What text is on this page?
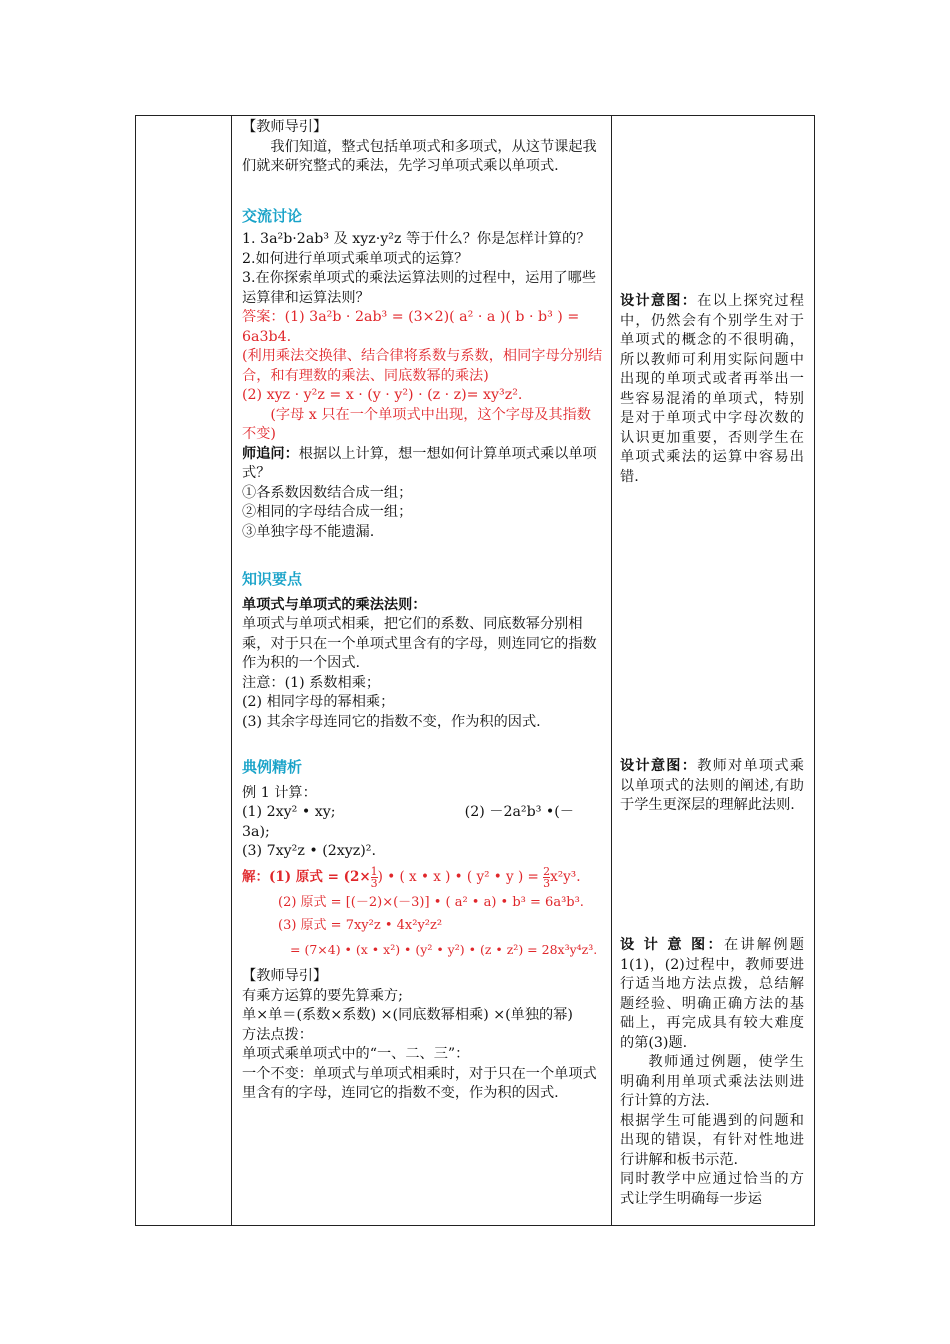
【教师导引】

我们知道，整式包括单项式和多项式，从这节课起我们就来研究整式的乘法，先学习单项式乘以单项式.

交流讨论

1. 3a²b·2ab³ 及 xyz·y²z 等于什么？你是怎样计算的？

2.如何进行单项式乘单项式的运算？

3.在你探索单项式的乘法运算法则的过程中，运用了哪些运算律和运算法则？

答案：(1) 3a²b · 2ab³ = (3×2)( a² · a )( b · b³ ) = 6a3b4.

(利用乘法交换律、结合律将系数与系数，相同字母分别结合，和有理数的乘法、同底数幂的乘法)

(2) xyz · y²z = x · (y · y²) · (z · z)= xy³z².

(字母 x 只在一个单项式中出现，这个字母及其指数不变)

师追问：根据以上计算，想一想如何计算单项式乘以单项式？

①各系数因数结合成一组；

②相同的字母结合成一组；

③单独字母不能遗漏.

知识要点

单项式与单项式的乘法法则：

单项式与单项式相乘，把它们的系数、同底数幂分别相乘，对于只在一个单项式里含有的字母，则连同它的指数作为积的一个因式.

注意：(1) 系数相乘；

(2) 相同字母的幂相乘；

(3) 其余字母连同它的指数不变，作为积的因式.

典例精析

例 1 计算：

(1) 2xy² • xy;	(2) －2a²b³ •(－

3a);

(3) 7xy²z • (2xyz)².

解：(1) 原式 = ($2\times \frac{1}{3}$ ) • ( x • x ) • ( y² • y ) = $\frac{2}{3} x^2y^3$.

(2) 原式 = [(－2)×(－3)] • ( a² • a) • b³ = 6a³b³.

(3) 原式 = 7xy²z • 4x²y²z²

= (7×4) • (x • x²) • (y² • y²) • (z • z²) = 28x³y⁴z³.

【教师导引】

有乘方运算的要先算乘方;

单×单＝(系数×系数) ×(同底数幂相乘) ×(单独的幂)

方法点拨：

单项式乘单项式中的“一、二、三”：

一个不变：单项式与单项式相乘时，对于只在一个单项式里含有的字母，连同它的指数不变，作为积的因式.

设计意图：在以上探究过程中，仍然会有个别学生对于单项式的概念的不很明确，所以教师可利用实际问题中出现的单项式或者再举出一些容易混淆的单项式，特别是对于单项式中字母次数的认识更加重要，否则学生在单项式乘法的运算中容易出错.

设计意图：教师对单项式乘以单项式的法则的阐述,有助于学生更深层的理解此法则.

设 计 意 图：在讲解例题1(1)，(2)过程中，教师要进行适当地方法点拨，总结解题经验、明确正确方法的基础上，再完成具有较大难度的第(3)题.

教师通过例题，使学生明确利用单项式乘法法则进行计算的方法.

根据学生可能遇到的问题和出现的错误，有针对性地进行讲解和板书示范.

同时教学中应通过恰当的方式让学生明确每一步运
